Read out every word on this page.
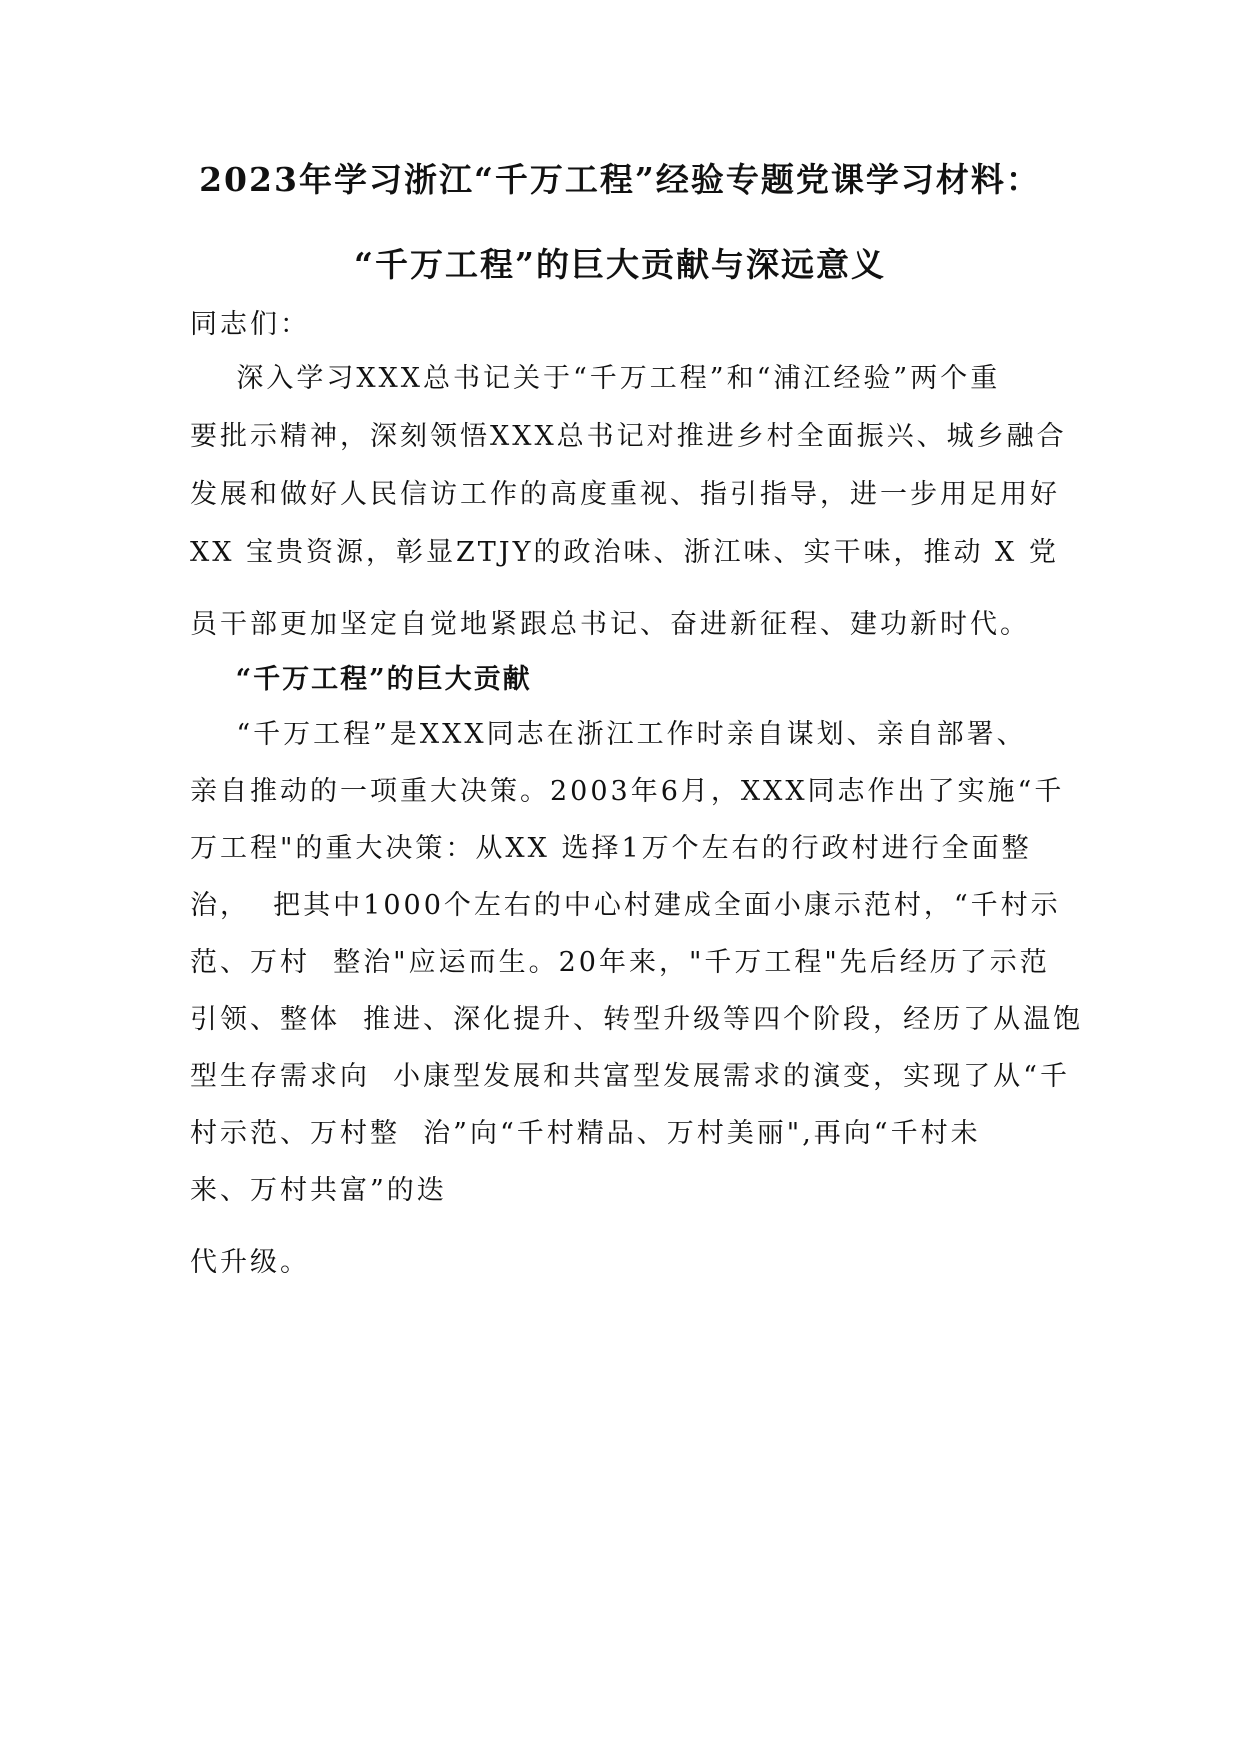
2023年学习浙江“千万工程”经验专题党课学习材料：
“千万工程”的巨大贡献与深远意义
同志们：
深入学习XXX总书记关于“千万工程”和“浦江经验”两个重
要批示精神，深刻领悟XXX总书记对推进乡村全面振兴、城乡融合
发展和做好人民信访工作的高度重视、指引指导，进一步用足用好
XX 宝贵资源，彰显ZTJY的政治味、浙江味、实干味，推动 X 党
员干部更加坚定自觉地紧跟总书记、奋进新征程、建功新时代。
“千万工程”的巨大贡献
“千万工程”是XXX同志在浙江工作时亲自谋划、亲自部署、
亲自推动的一项重大决策。2003年6月，XXX同志作出了实施“千
万工程"的重大决策：从XX 选择1万个左右的行政村进行全面整
治，  把其中1000个左右的中心村建成全面小康示范村，“千村示
范、万村  整治"应运而生。20年来，"千万工程"先后经历了示范
引领、整体  推进、深化提升、转型升级等四个阶段，经历了从温饱
型生存需求向  小康型发展和共富型发展需求的演变，实现了从“千
村示范、万村整  治”向“千村精品、万村美丽",再向“千村未
来、万村共富”的迭
代升级。
